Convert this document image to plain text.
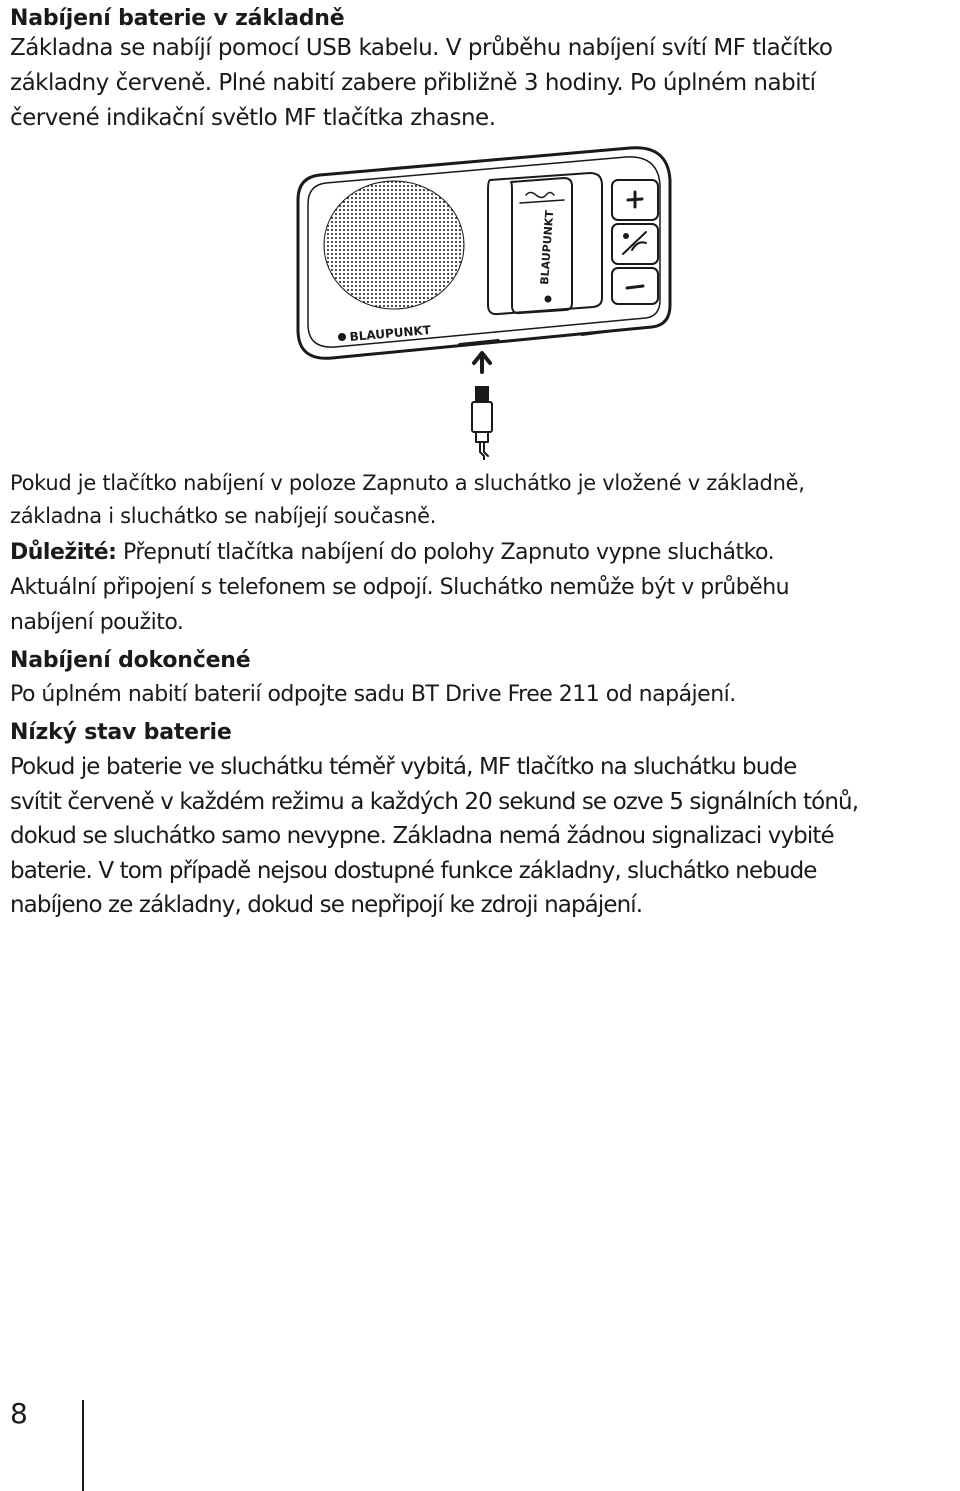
Nabíjení baterie v základně
Základna se nabíjí pomocí USB kabelu. V průběhu nabíjení svítí MF tlačítko
základny červeně. Plné nabití zabere přibližně 3 hodiny. Po úplném nabití
červené indikační světlo MF tlačítka zhasne.
BLAUPUNKT
BLAUPUNKT
Pokud je tlačítko nabíjení v poloze Zapnuto a sluchátko je vložené v základně,
základna i sluchátko se nabíjejí současně.
Důležité: Přepnutí tlačítka nabíjení do polohy Zapnuto vypne sluchátko.
Aktuální připojení s telefonem se odpojí. Sluchátko nemůže být v průběhu
nabíjení použito.
Nabíjení dokončené
Po úplném nabití baterií odpojte sadu BT Drive Free 211 od napájení.
Nízký stav baterie
Pokud je baterie ve sluchátku téměř vybitá, MF tlačítko na sluchátku bude
svítit červeně v každém režimu a každých 20 sekund se ozve 5 signálních tónů,
dokud se sluchátko samo nevypne. Základna nemá žádnou signalizaci vybité
baterie. V tom případě nejsou dostupné funkce základny, sluchátko nebude
nabíjeno ze základny, dokud se nepřipojí ke zdroji napájení.
8
